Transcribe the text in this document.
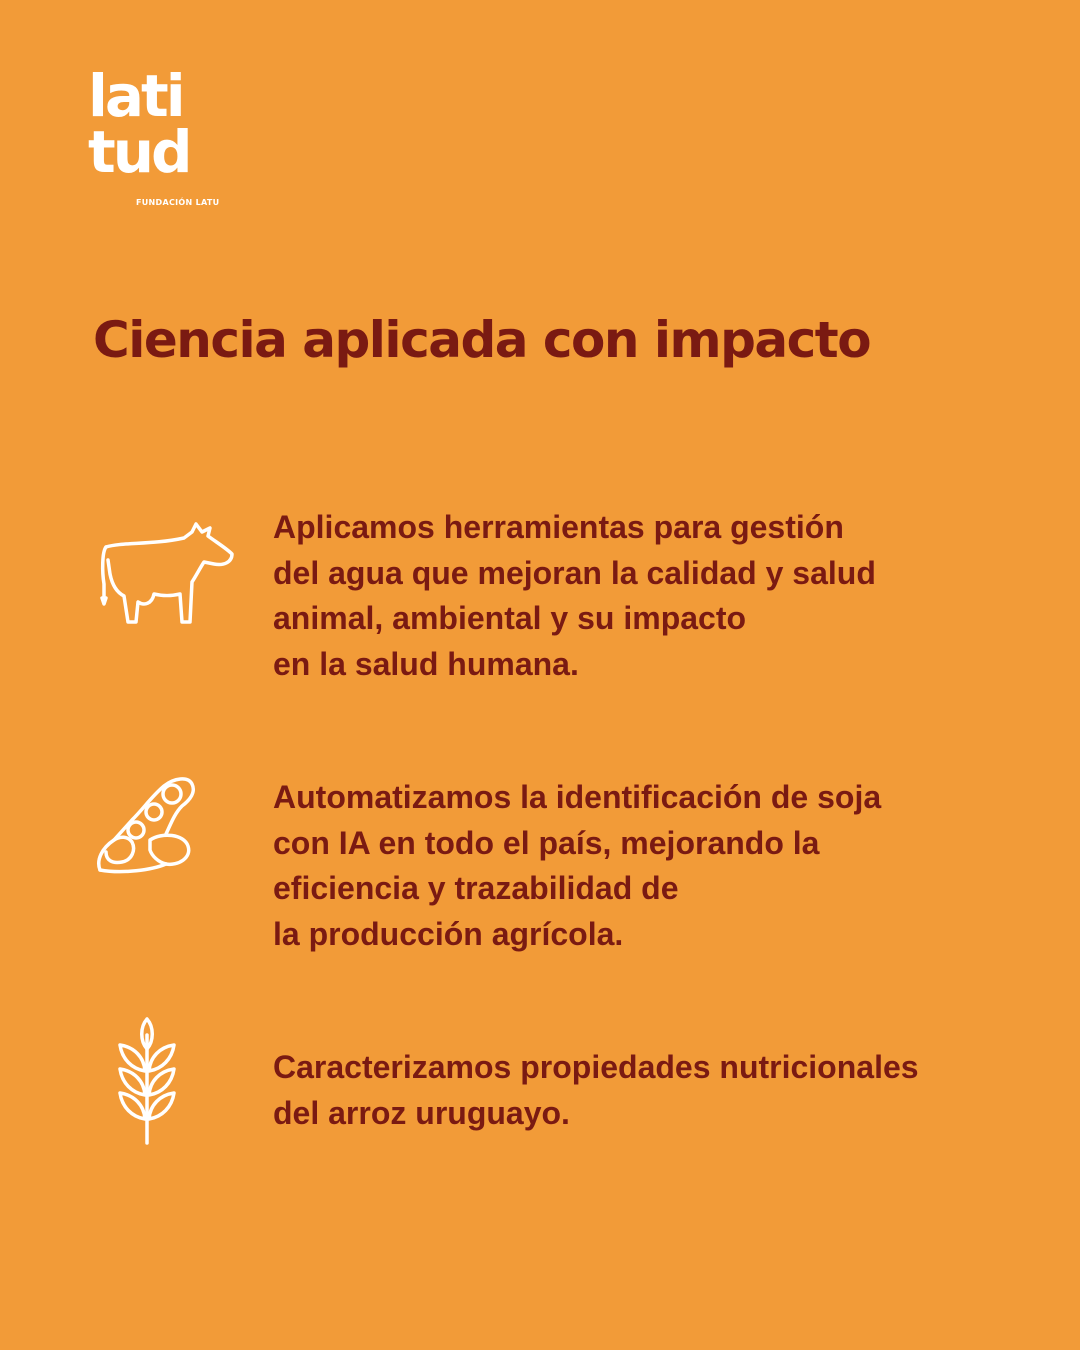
lati
tud
FUNDACIÓN LATU
Ciencia aplicada con impacto

Aplicamos herramientas para gestión
del agua que mejoran la calidad y salud
animal, ambiental y su impacto
en la salud humana.

Automatizamos la identificación de soja
con IA en todo el país, mejorando la
eficiencia y trazabilidad de
la producción agrícola.

Caracterizamos propiedades nutricionales
del arroz uruguayo.
